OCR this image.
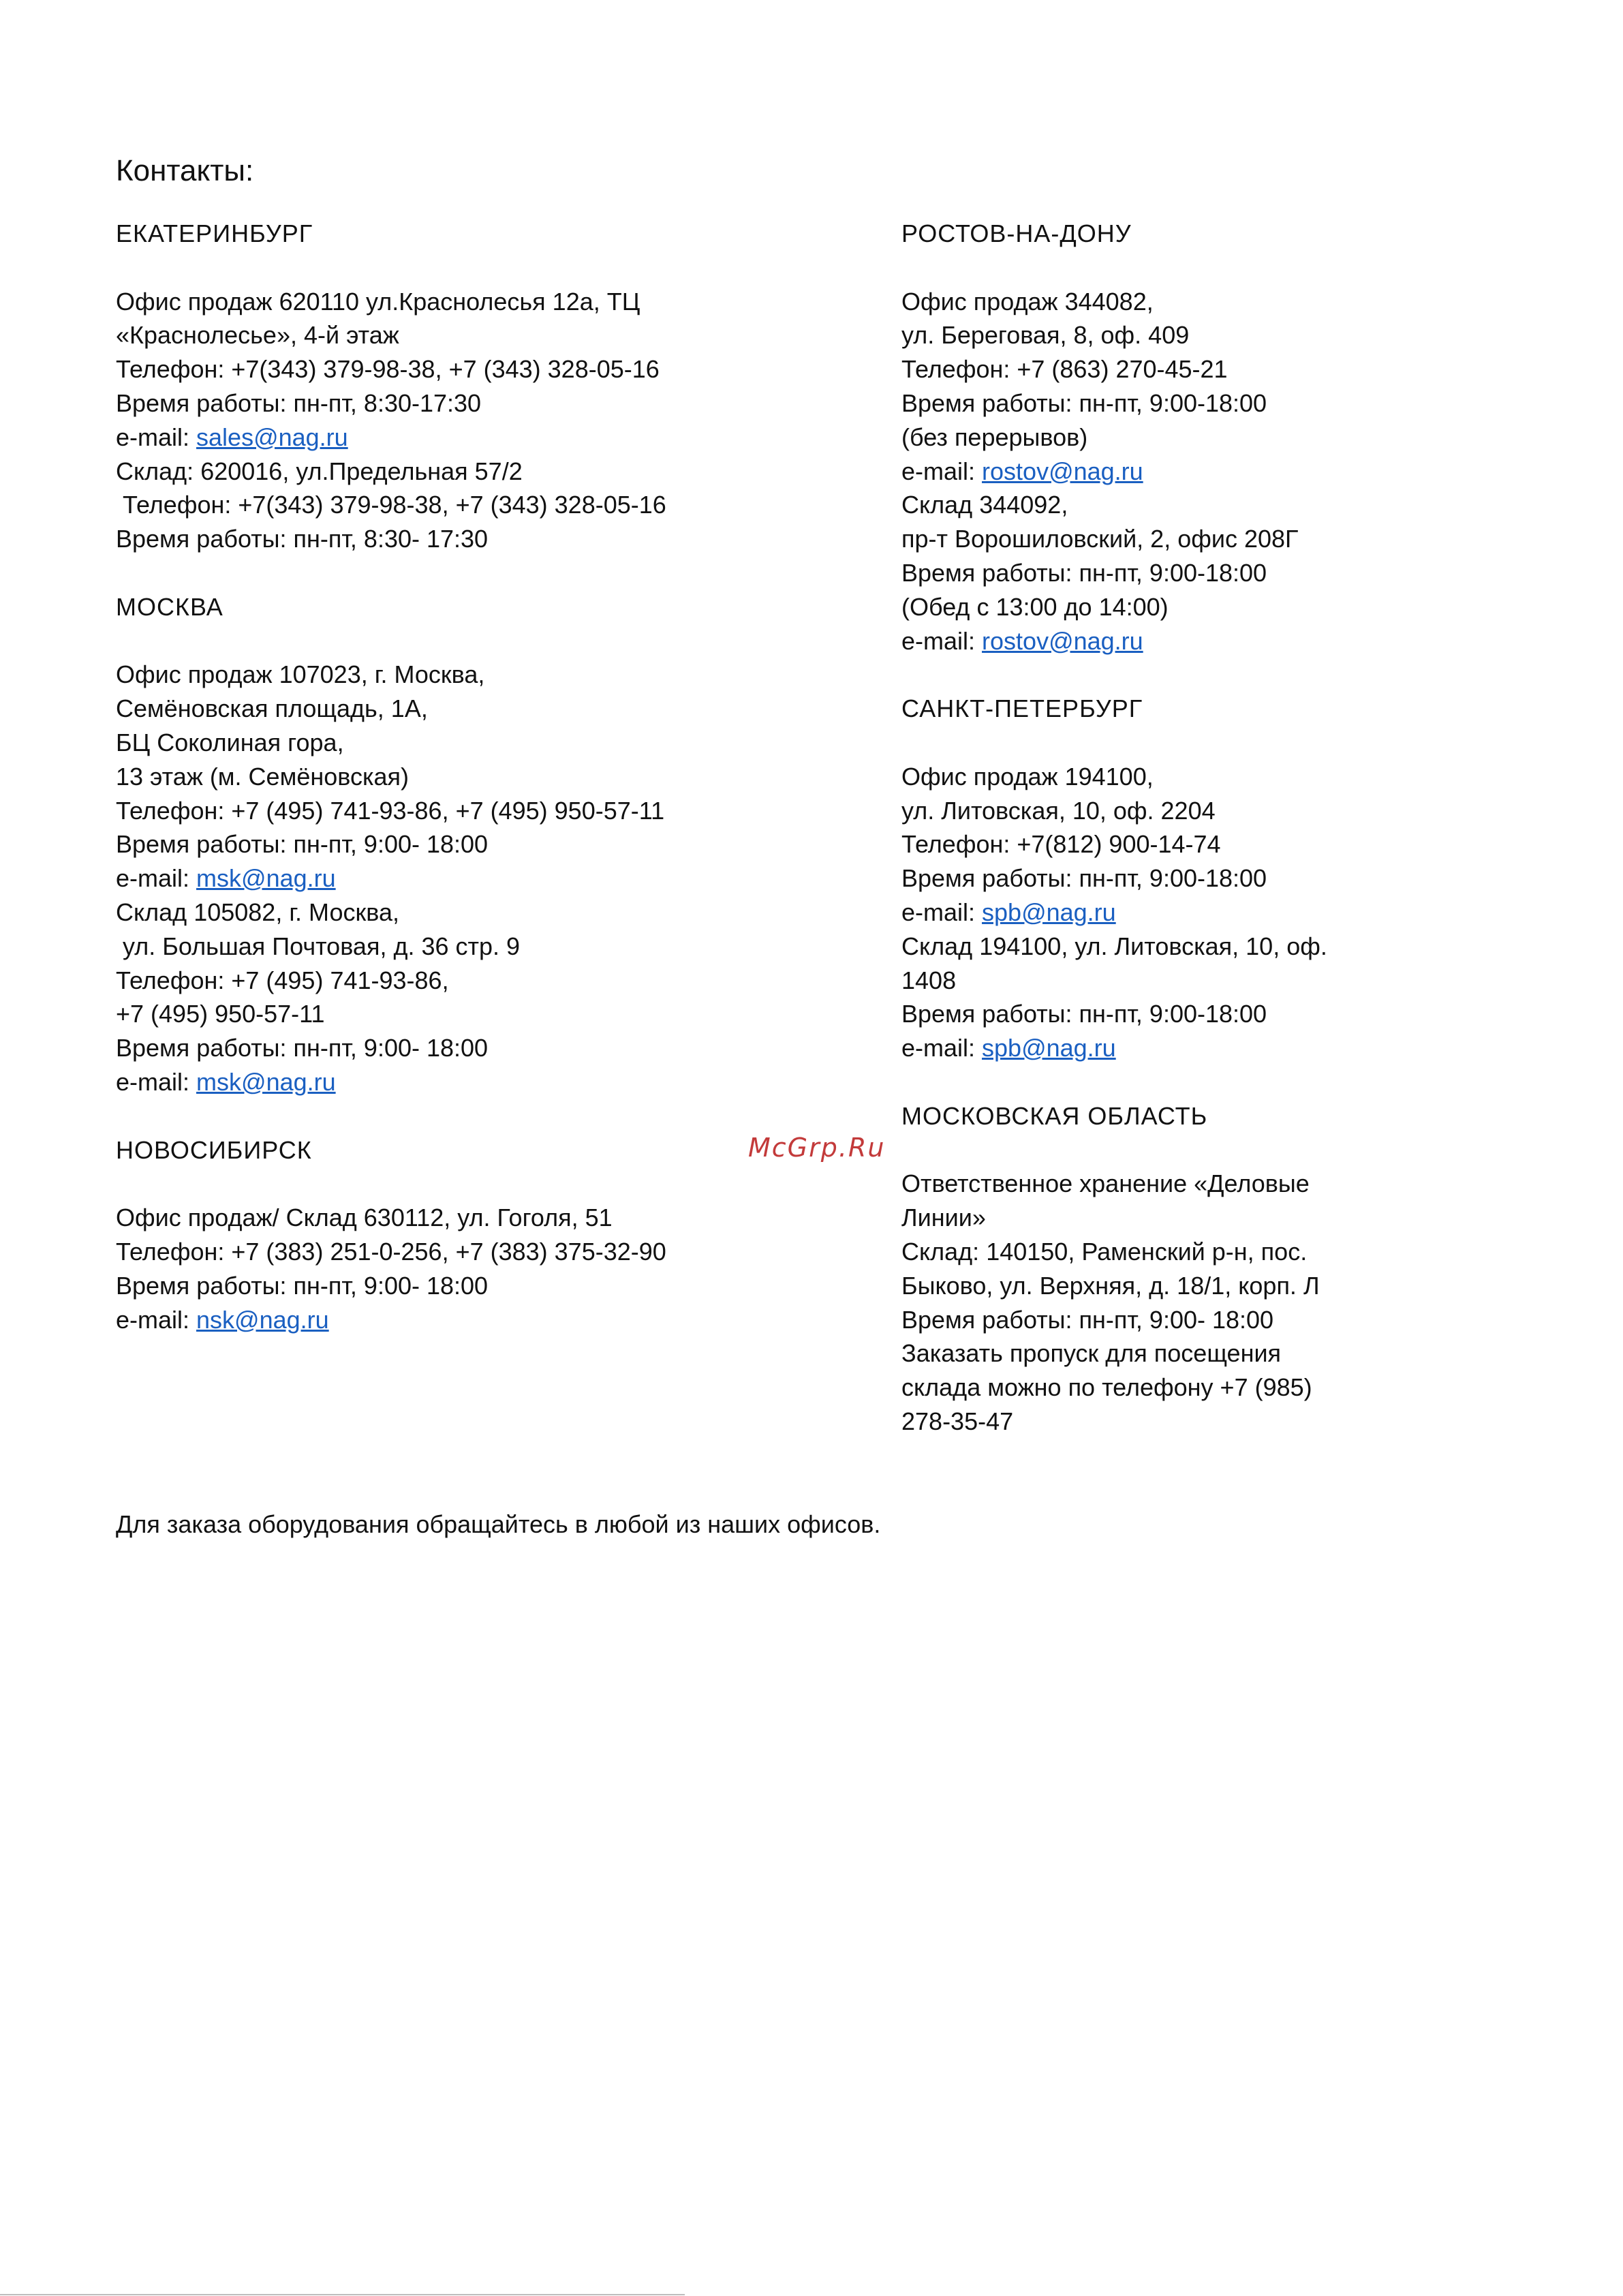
Контакты:
ЕКАТЕРИНБУРГ
Офис продаж 620110 ул.Краснолесья 12а, ТЦ
«Краснолесье», 4-й этаж
Телефон: +7(343) 379-98-38, +7 (343) 328-05-16
Время работы: пн-пт, 8:30-17:30
e-mail: sales@nag.ru
Склад: 620016, ул.Предельная 57/2
Телефон: +7(343) 379-98-38, +7 (343) 328-05-16
Время работы: пн-пт, 8:30- 17:30
МОСКВА
Офис продаж 107023, г. Москва,
Семёновская площадь, 1А,
БЦ Соколиная гора,
13 этаж (м. Семёновская)
Телефон: +7 (495) 741-93-86, +7 (495) 950-57-11
Время работы: пн-пт, 9:00- 18:00
e-mail: msk@nag.ru
Склад 105082, г. Москва,
ул. Большая Почтовая, д. 36 стр. 9
Телефон: +7 (495) 741-93-86,
+7 (495) 950-57-11
Время работы: пн-пт, 9:00- 18:00
e-mail: msk@nag.ru
НОВОСИБИРСК
Офис продаж/ Склад 630112, ул. Гоголя, 51
Телефон: +7 (383) 251-0-256, +7 (383) 375-32-90
Время работы: пн-пт, 9:00- 18:00
e-mail: nsk@nag.ru
РОСТОВ-НА-ДОНУ
Офис продаж 344082,
ул. Береговая, 8, оф. 409
Телефон: +7 (863) 270-45-21
Время работы: пн-пт, 9:00-18:00
(без перерывов)
e-mail: rostov@nag.ru
Склад 344092,
пр-т Ворошиловский, 2, офис 208Г
Время работы: пн-пт, 9:00-18:00
(Обед с 13:00 до 14:00)
e-mail: rostov@nag.ru
САНКТ-ПЕТЕРБУРГ
Офис продаж 194100,
ул. Литовская, 10, оф. 2204
Телефон: +7(812) 900-14-74
Время работы: пн-пт, 9:00-18:00
e-mail: spb@nag.ru
Склад 194100, ул. Литовская, 10, оф.
1408
Время работы: пн-пт, 9:00-18:00
e-mail: spb@nag.ru
МОСКОВСКАЯ ОБЛАСТЬ
Ответственное хранение «Деловые
Линии»
Склад: 140150, Раменский р-н, пос.
Быково, ул. Верхняя, д. 18/1, корп. Л
Время работы: пн-пт, 9:00- 18:00
Заказать пропуск для посещения
склада можно по телефону +7 (985)
278-35-47
McGrp.Ru
Для заказа оборудования обращайтесь в любой из наших офисов.
